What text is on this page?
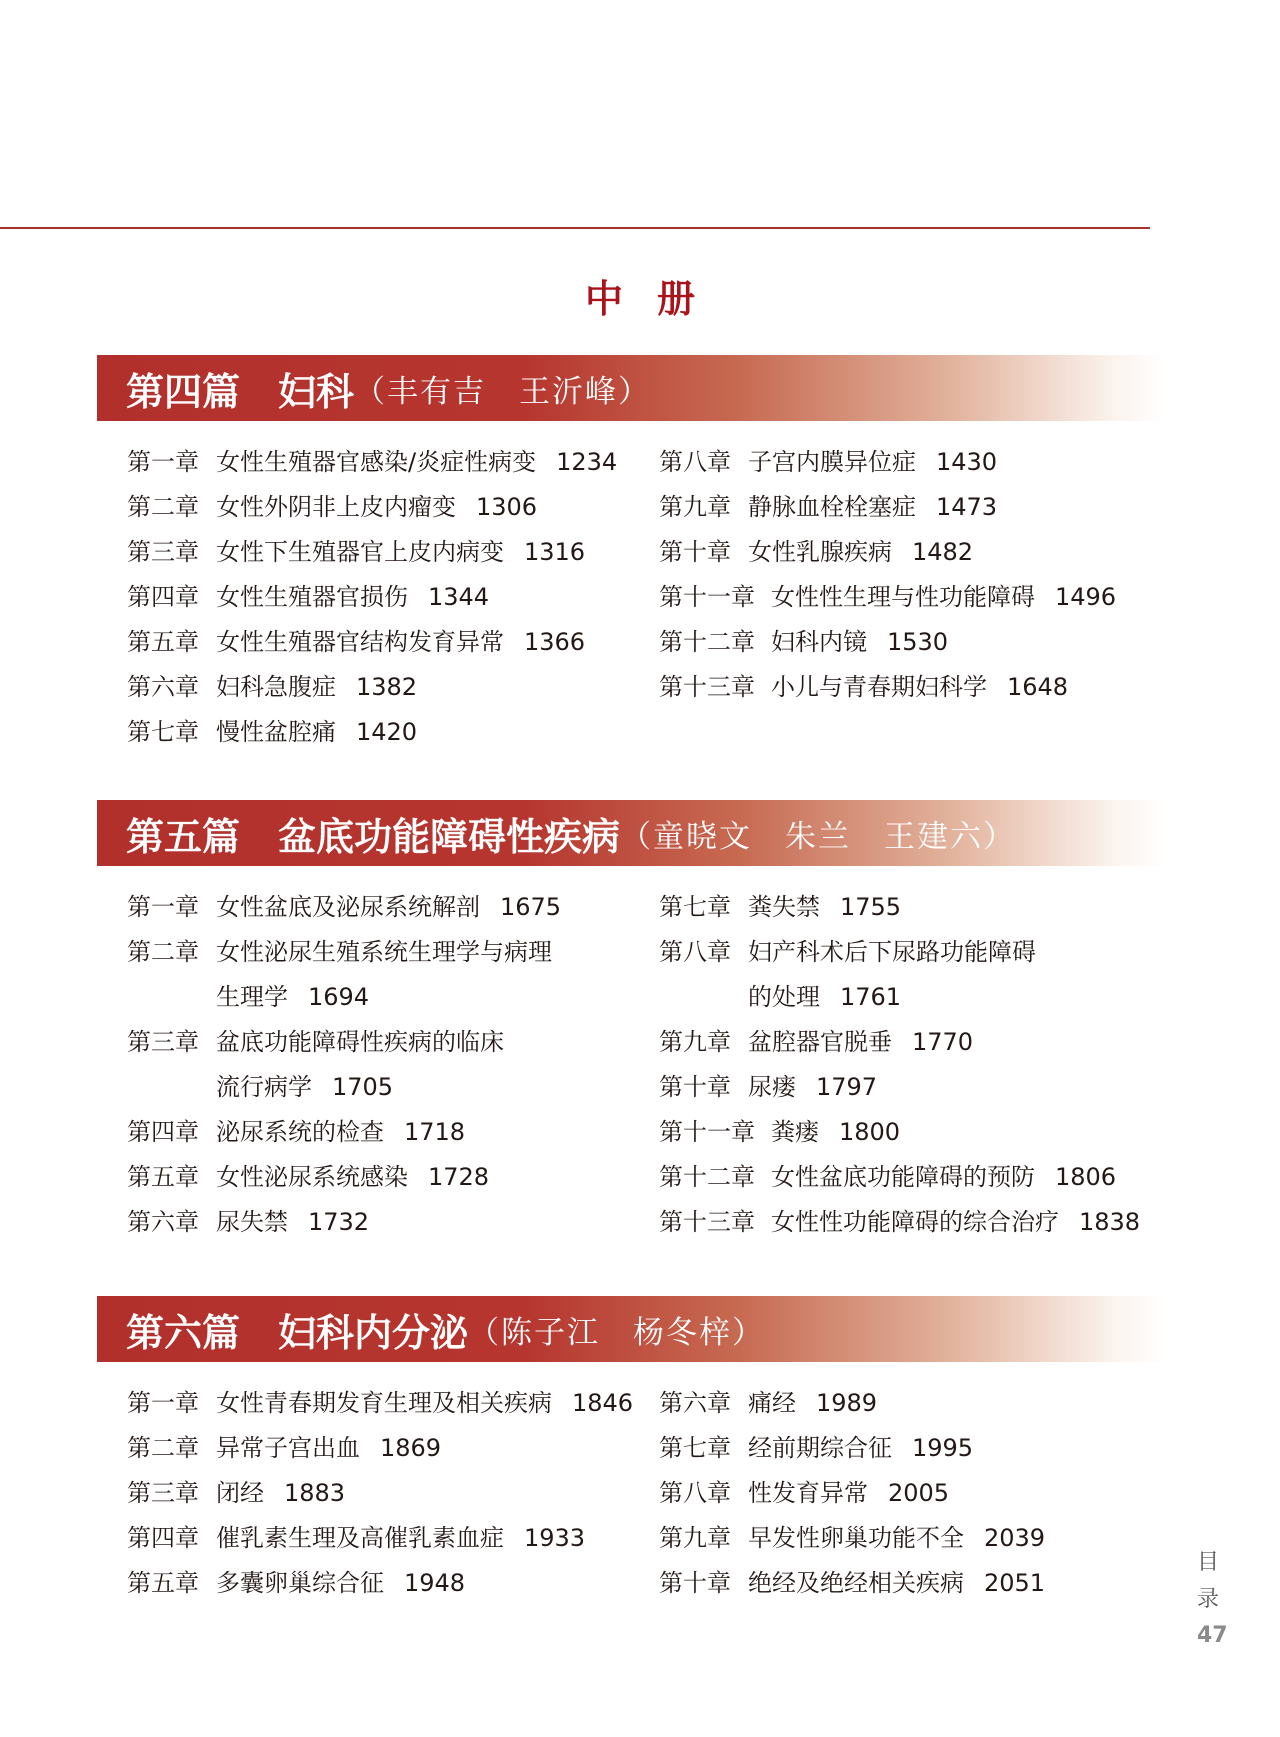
中册
第四篇 妇科 （丰有吉　王沂峰）
第一章 女性生殖器官感染/炎症性病变 1234
第二章 女性外阴非上皮内瘤变 1306
第三章 女性下生殖器官上皮内病变 1316
第四章 女性生殖器官损伤 1344
第五章 女性生殖器官结构发育异常 1366
第六章 妇科急腹症 1382
第七章 慢性盆腔痛 1420
第八章 子宫内膜异位症 1430
第九章 静脉血栓栓塞症 1473
第十章 女性乳腺疾病 1482
第十一章 女性性生理与性功能障碍 1496
第十二章 妇科内镜 1530
第十三章 小儿与青春期妇科学 1648
第五篇 盆底功能障碍性疾病 （童晓文　朱兰　王建六）
第一章 女性盆底及泌尿系统解剖 1675
第二章 女性泌尿生殖系统生理学与病理
生理学 1694
第三章 盆底功能障碍性疾病的临床
流行病学 1705
第四章 泌尿系统的检查 1718
第五章 女性泌尿系统感染 1728
第六章 尿失禁 1732
第七章 粪失禁 1755
第八章 妇产科术后下尿路功能障碍
的处理 1761
第九章 盆腔器官脱垂 1770
第十章 尿瘘 1797
第十一章 粪瘘 1800
第十二章 女性盆底功能障碍的预防 1806
第十三章 女性性功能障碍的综合治疗 1838
第六篇 妇科内分泌 （陈子江　杨冬梓）
第一章 女性青春期发育生理及相关疾病 1846
第二章 异常子宫出血 1869
第三章 闭经 1883
第四章 催乳素生理及高催乳素血症 1933
第五章 多囊卵巢综合征 1948
第六章 痛经 1989
第七章 经前期综合征 1995
第八章 性发育异常 2005
第九章 早发性卵巢功能不全 2039
第十章 绝经及绝经相关疾病 2051
目
录
47
